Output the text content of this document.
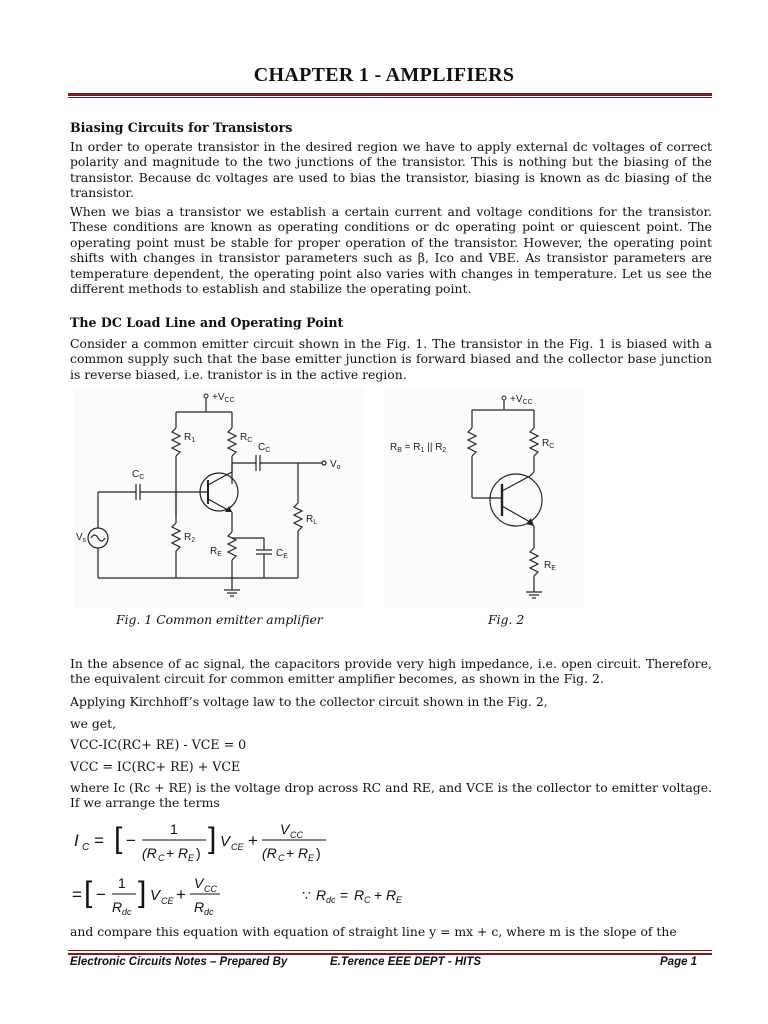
CHAPTER 1 - AMPLIFIERS
Biasing Circuits for Transistors
In order to operate transistor in the desired region we have to apply external dc voltages of correct polarity and magnitude to the two junctions of the transistor. This is nothing but the biasing of the transistor. Because dc voltages are used to bias the transistor, biasing is known as dc biasing of the transistor.
When we bias a transistor we establish a certain current and voltage conditions for the transistor. These conditions are known as operating conditions or dc operating point or quiescent point. The operating point must be stable for proper operation of the transistor. However, the operating point shifts with changes in transistor parameters such as β, Ico and VBE. As transistor parameters are temperature dependent, the operating point also varies with changes in temperature. Let us see the different methods to establish and stabilize the operating point.
The DC Load Line and Operating Point
Consider a common emitter circuit shown in the Fig. 1. The transistor in the Fig. 1 is biased with a common supply such that the base emitter junction is forward biased and the collector base junction is reverse biased, i.e. tranistor is in the active region.
$+V_{CC}$
$R_1$	$R_C$
$C_C$
$V_o$
$C_C$
$V_s$	$R_2$
$R_L$
$R_E$	$C_E$
$+V_{CC}$
$R_B = R_1$ || $R_2$
$R_C$
$R_E$
Fig. 1 Common emitter amplifier	Fig. 2
In the absence of ac signal, the capacitors provide very high impedance, i.e. open circuit. Therefore, the equivalent circuit for common emitter amplifier becomes, as shown in the Fig. 2.
Applying Kirchhoff’s voltage law to the collector circuit shown in the Fig. 2,
we get,
VCC-IC(RC+ RE) - VCE = 0
VCC = IC(RC+ RE) + VCE
where Ic (Rc + RE) is the voltage drop across RC and RE, and VCE is the collector to emitter voltage. If we arrange the terms
I C = [ −
1
(R C + R E ) ] V CE +
V CC
(R C + R E )
= [ −
1
R dc
] V CE +
V CC
R dc
∵ R dc = R C + R E
and compare this equation with equation of straight line y = mx + c, where m is the slope of the
Electronic Circuits Notes – Prepared By	E.Terence EEE DEPT - HITS	Page 1
